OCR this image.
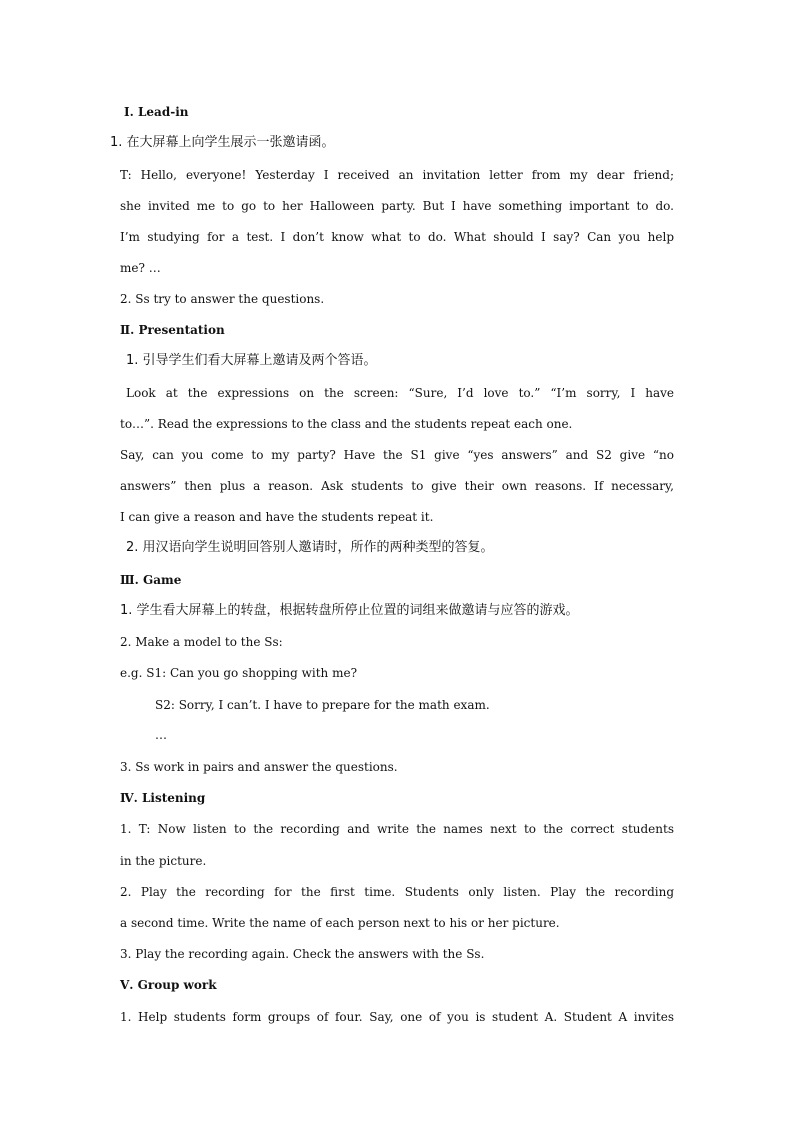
Ⅰ. Lead-in
1. 在大屏幕上向学生展示一张邀请函。
T: Hello, everyone! Yesterday I received an invitation letter from my dear friend;
she invited me to go to her Halloween party. But I have something important to do.
I’m studying for a test. I don’t know what to do. What should I say? Can you help
me? …
2. Ss try to answer the questions.
Ⅱ. Presentation
1. 引导学生们看大屏幕上邀请及两个答语。
Look at the expressions on the screen: “Sure, I’d love to.” “I’m sorry, I have
to…”. Read the expressions to the class and the students repeat each one.
Say, can you come to my party? Have the S1 give “yes answers” and S2 give “no
answers” then plus a reason. Ask students to give their own reasons. If necessary,
I can give a reason and have the students repeat it.
2. 用汉语向学生说明回答别人邀请时，所作的两种类型的答复。
Ⅲ. Game
1. 学生看大屏幕上的转盘，根据转盘所停止位置的词组来做邀请与应答的游戏。
2. Make a model to the Ss:
e.g. S1: Can you go shopping with me?
S2: Sorry, I can’t. I have to prepare for the math exam.
…
3. Ss work in pairs and answer the questions.
Ⅳ. Listening
1. T: Now listen to the recording and write the names next to the correct students
in the picture.
2. Play the recording for the first time. Students only listen. Play the recording
a second time. Write the name of each person next to his or her picture.
3. Play the recording again. Check the answers with the Ss.
Ⅴ. Group work
1. Help students form groups of four. Say, one of you is student A. Student A invites
